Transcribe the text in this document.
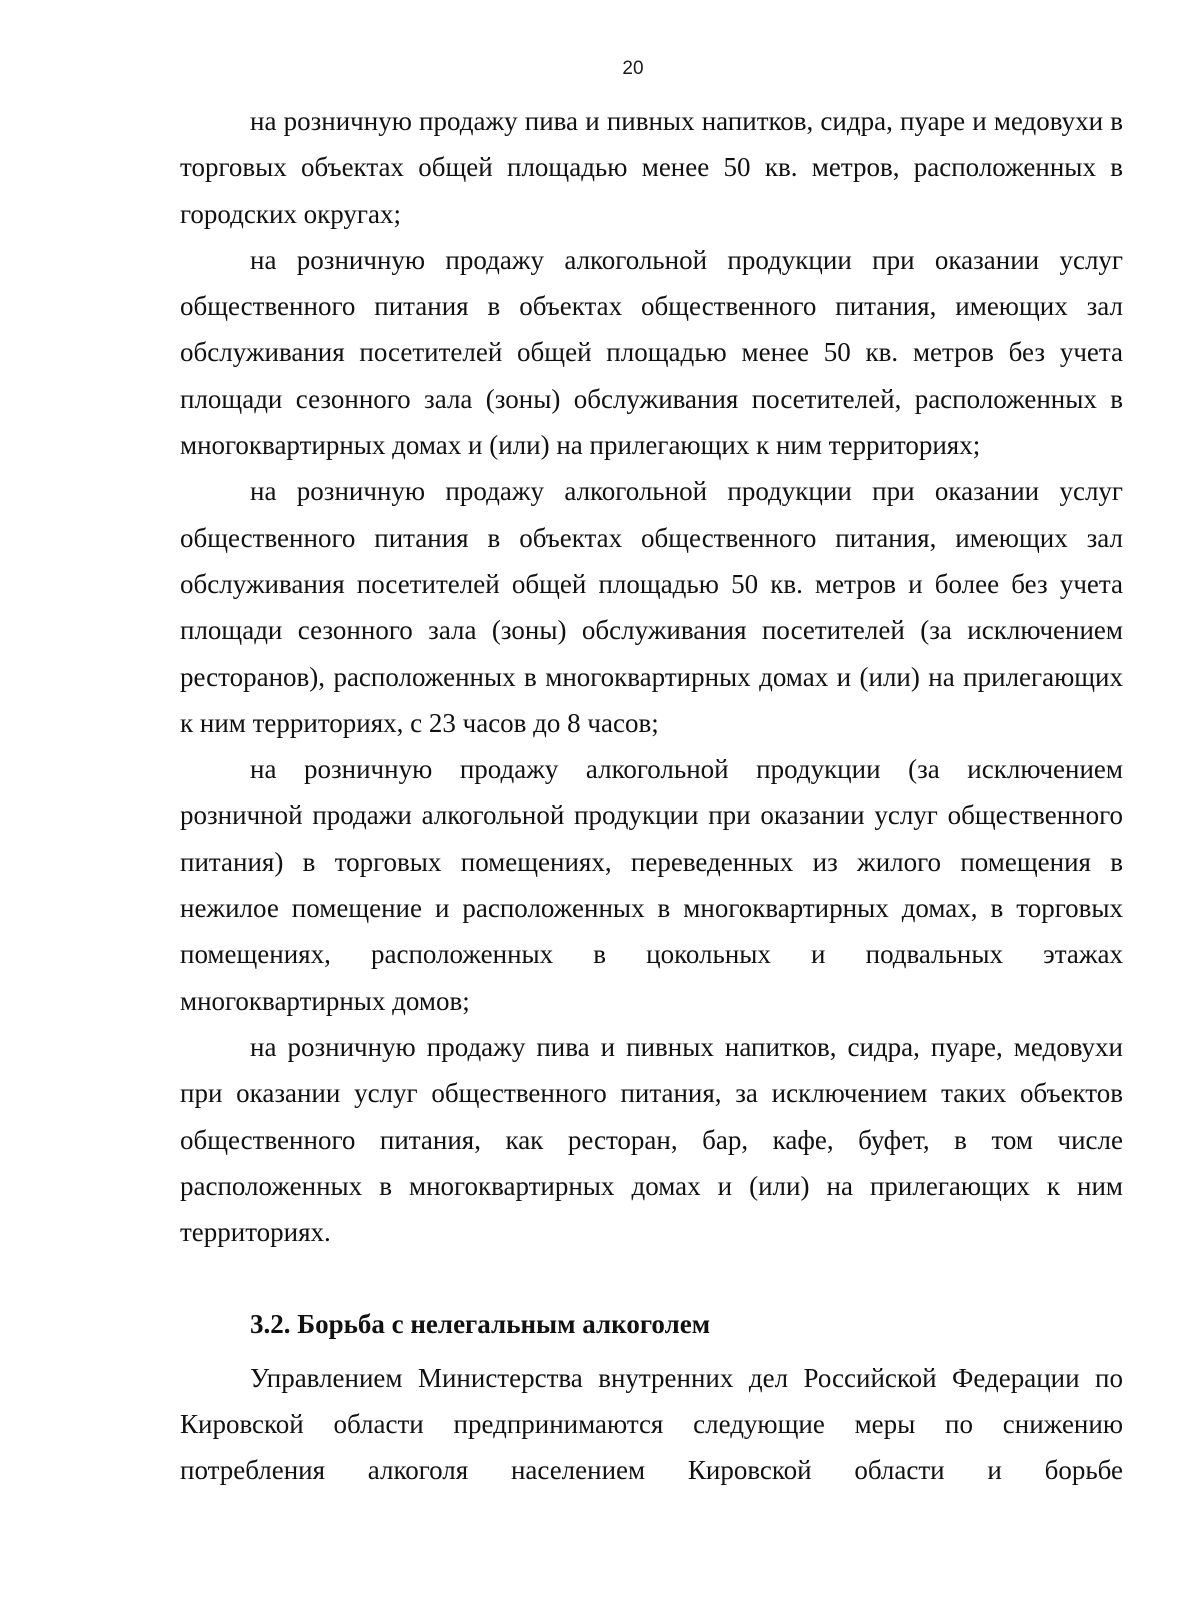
20

на розничную продажу пива и пивных напитков, сидра, пуаре и медовухи в торговых объектах общей площадью менее 50 кв. метров, расположенных в городских округах;

на розничную продажу алкогольной продукции при оказании услуг общественного питания в объектах общественного питания, имеющих зал обслуживания посетителей общей площадью менее 50 кв. метров без учета площади сезонного зала (зоны) обслуживания посетителей, расположенных в многоквартирных домах и (или) на прилегающих к ним территориях;

на розничную продажу алкогольной продукции при оказании услуг общественного питания в объектах общественного питания, имеющих зал обслуживания посетителей общей площадью 50 кв. метров и более без учета площади сезонного зала (зоны) обслуживания посетителей (за исключением ресторанов), расположенных в многоквартирных домах и (или) на прилегающих к ним территориях, с 23 часов до 8 часов;

на розничную продажу алкогольной продукции (за исключением розничной продажи алкогольной продукции при оказании услуг общественного питания) в торговых помещениях, переведенных из жилого помещения в нежилое помещение и расположенных в многоквартирных домах, в торговых помещениях, расположенных в цокольных и подвальных этажах многоквартирных домов;

на розничную продажу пива и пивных напитков, сидра, пуаре, медовухи при оказании услуг общественного питания, за исключением таких объектов общественного питания, как ресторан, бар, кафе, буфет, в том числе расположенных в многоквартирных домах и (или) на прилегающих к ним территориях.

3.2. Борьба с нелегальным алкоголем

Управлением Министерства внутренних дел Российской Федерации по Кировской области предпринимаются следующие меры по снижению потребления алкоголя населением Кировской области и борьбе
